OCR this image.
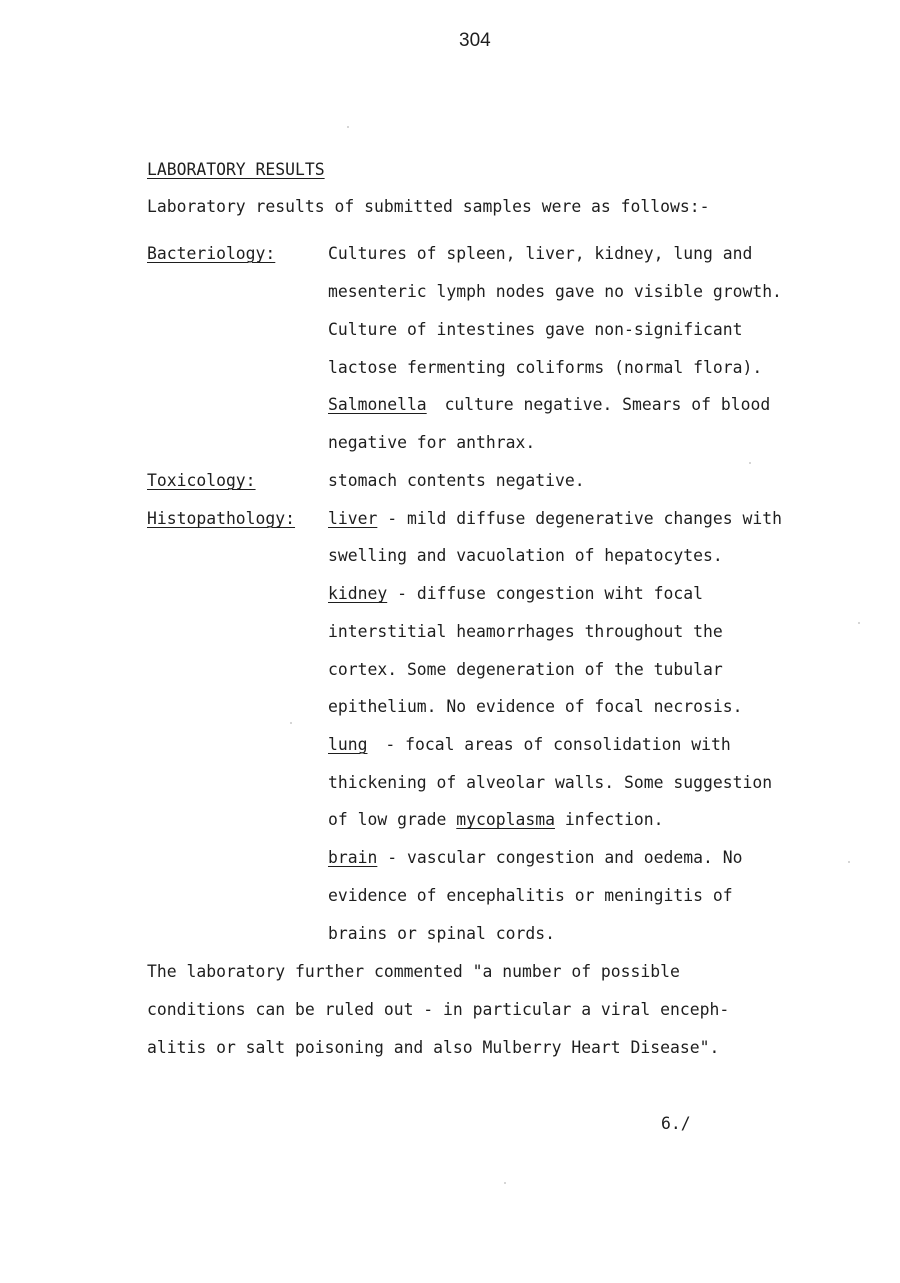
304
LABORATORY RESULTS
Laboratory results of submitted samples were as follows:-
Bacteriology:	Cultures of spleen, liver, kidney, lung and
mesenteric lymph nodes gave no visible growth.
Culture of intestines gave non-significant
lactose fermenting coliforms (normal flora).
Salmonella culture negative. Smears of blood
negative for anthrax.
Toxicology:	stomach contents negative.
Histopathology: liver - mild diffuse degenerative changes with
swelling and vacuolation of hepatocytes.
kidney - diffuse congestion wiht focal
interstitial heamorrhages throughout the
cortex. Some degeneration of the tubular
epithelium. No evidence of focal necrosis.
lung - focal areas of consolidation with
thickening of alveolar walls. Some suggestion
of low grade mycoplasma infection.
brain - vascular congestion and oedema. No
evidence of encephalitis or meningitis of
brains or spinal cords.
The laboratory further commented "a number of possible
conditions can be ruled out - in particular a viral enceph-
alitis or salt poisoning and also Mulberry Heart Disease".
6./
